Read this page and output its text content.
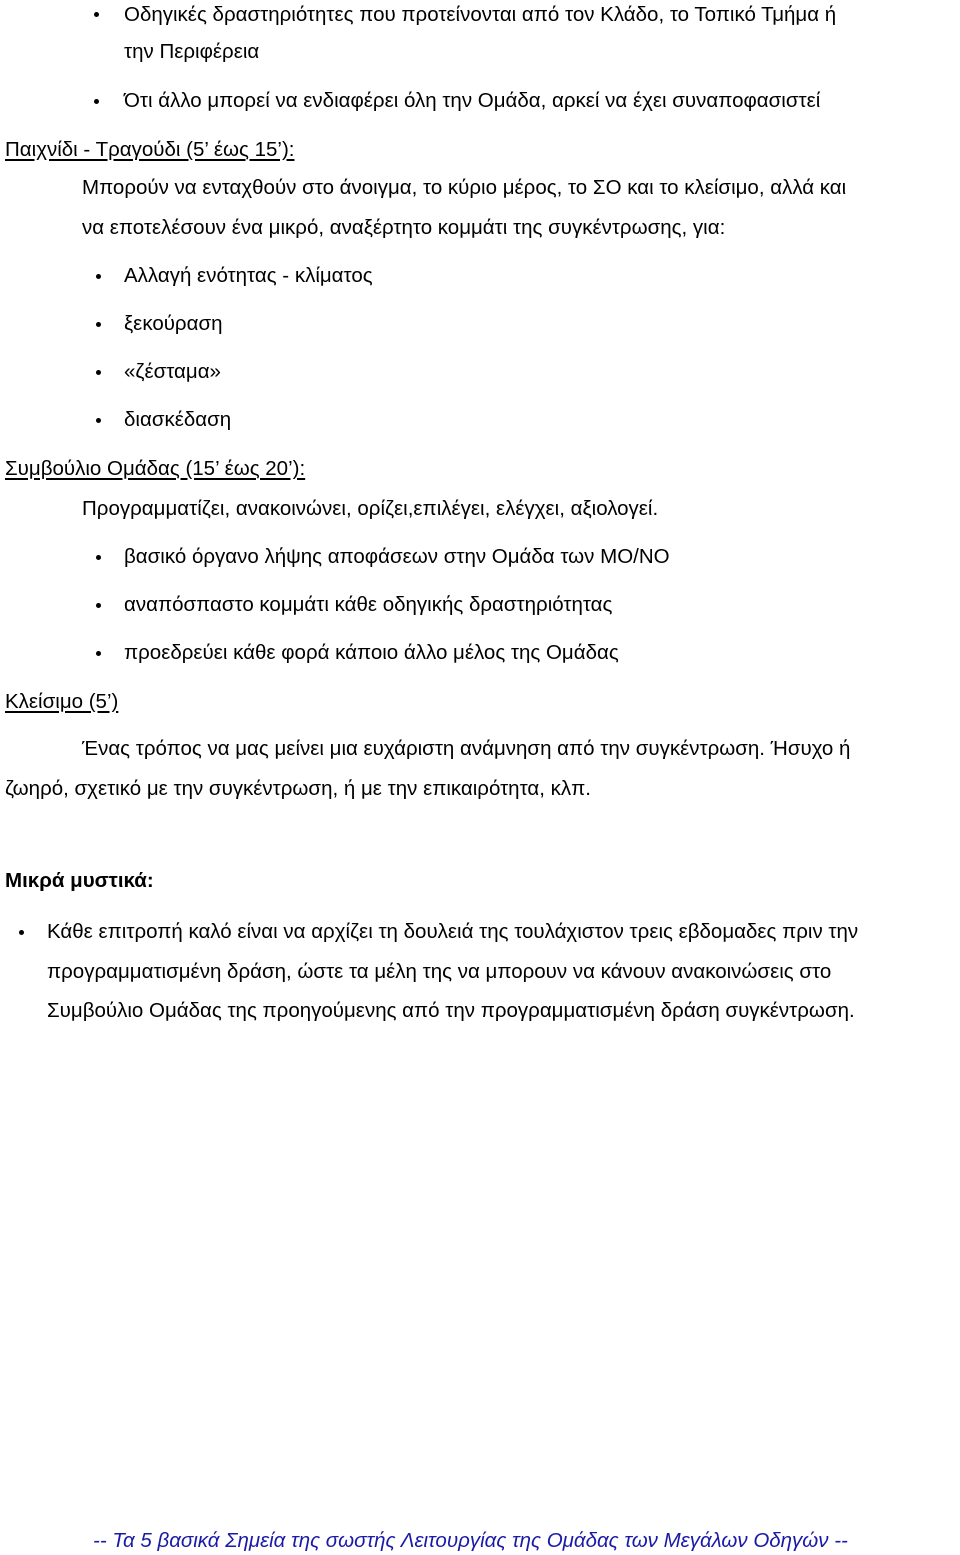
Οδηγικές δραστηριότητες που προτείνονται από τον Κλάδο, το Τοπικό Τμήμα ή
την Περιφέρεια
Ότι άλλο μπορεί να ενδιαφέρει όλη την Ομάδα, αρκεί να έχει συναποφασιστεί
Παιχνίδι - Τραγούδι (5’ έως 15’):
Μπορούν να ενταχθούν στο άνοιγμα, το κύριο μέρος, το ΣΟ και το κλείσιμο, αλλά και
να εποτελέσουν ένα μικρό, αναξέρτητο κομμάτι της συγκέντρωσης, για:
Αλλαγή ενότητας - κλίματος
ξεκούραση
«ζέσταμα»
διασκέδαση
Συμβούλιο Ομάδας (15’ έως 20’):
Προγραμματίζει, ανακοινώνει, ορίζει,επιλέγει, ελέγχει, αξιολογεί.
βασικό όργανο λήψης αποφάσεων στην Ομάδα των ΜΟ/ΝΟ
αναπόσπαστο κομμάτι κάθε οδηγικής δραστηριότητας
προεδρεύει κάθε φορά κάποιο άλλο μέλος της Ομάδας
Κλείσιμο (5’)
Ένας τρόπος να μας μείνει μια ευχάριστη ανάμνηση από την συγκέντρωση. Ήσυχο ή
ζωηρό, σχετικό με την συγκέντρωση, ή με την επικαιρότητα, κλπ.
Μικρά μυστικά:
Κάθε επιτροπή καλό είναι να αρχίζει τη δουλειά της τουλάχιστον τρεις εβδομαδες πριν την
προγραμματισμένη δράση, ώστε τα μέλη της να μπορουν να κάνουν ανακοινώσεις στο
Συμβούλιο Ομάδας της προηγούμενης από την προγραμματισμένη δράση συγκέντρωση.
-- Τα 5 βασικά Σημεία της σωστής Λειτουργίας της Ομάδας των Μεγάλων Οδηγών --
